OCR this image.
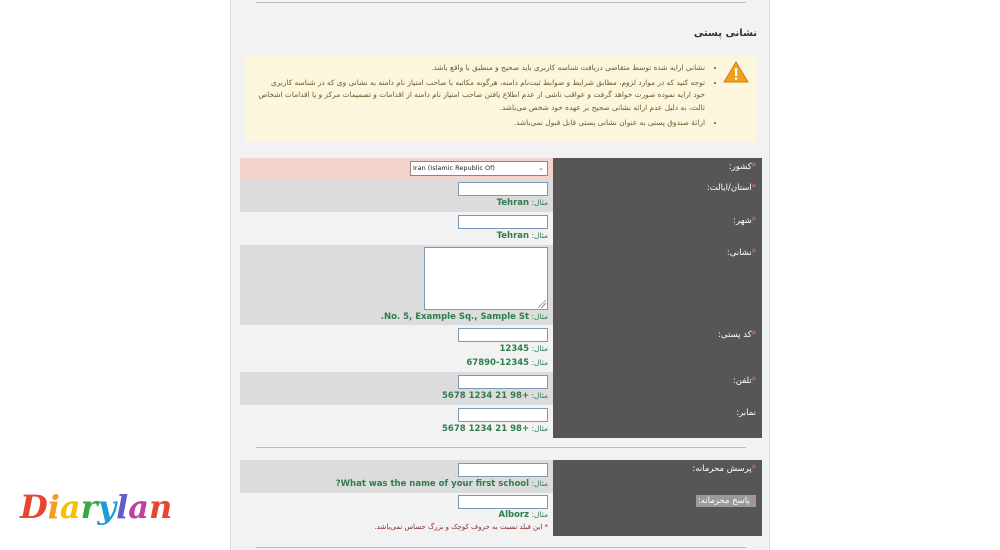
نشانی پستی
• نشانی ارایه شده توسط متقاضی دریافت شناسه کاربری باید صحیح و منطبق با واقع باشد.
• توجه کنید که در موارد لزوم، مطابق شرایط و ضوابط ثبت‌نام دامنه، هرگونه مکاتبه با صاحب امتیاز نام دامنه به نشانی وی که در شناسه کاربری خود ارایه نموده صورت خواهد گرفت و عواقب ناشی از عدم اطلاع یافتن صاحب امتیاز نام دامنه از اقدامات و تصمیمات مرکز و یا اقدامات اشخاص ثالث، به دلیل عدم ارائه نشانی صحیح بر عهده خود شخص می‌باشد.
• ارائهٔ صندوق پستی به عنوان نشانی پستی قابل قبول نمی‌باشد.
*کشور:
*استان/ایالت:
*شهر:
*نشانی:
*کد پستی:
*تلفن:
نمابر:
Iran (Islamic Republic Of)	⌄
مثال: Tehran
مثال: Tehran
مثال: No. 5, Example Sq., Sample St.
مثال: 12345
مثال: 12345-67890
مثال: +98 21 1234 5678
مثال: +98 21 1234 5678
*پرسش محرمانه:
*پاسخ محرمانه:
مثال: What was the name of your first school?
مثال: Alborz
* این فیلد نسبت به حروف کوچک و بزرگ حساس نمی‌باشد.
Diarylan
